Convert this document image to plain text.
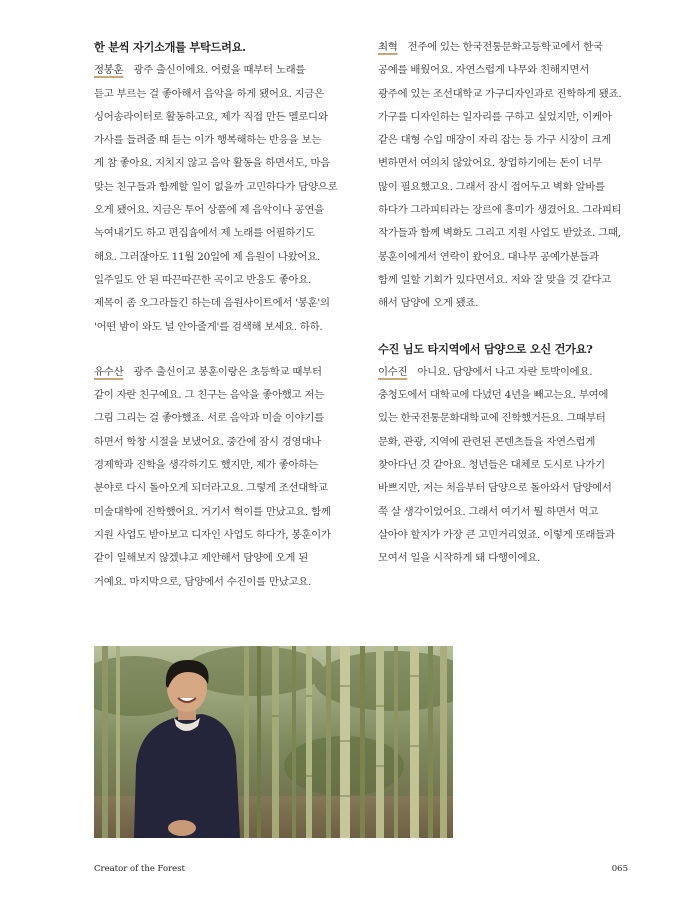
한 분씩 자기소개를 부탁드려요.
정봉훈 광주 출신이에요. 어렸을 때부터 노래를
듣고 부르는 걸 좋아해서 음악을 하게 됐어요. 지금은
싱어송라이터로 활동하고요, 제가 직접 만든 멜로디와
가사를 들려줄 때 듣는 이가 행복해하는 반응을 보는
게 참 좋아요. 지치지 않고 음악 활동을 하면서도, 마음
맞는 친구들과 함께할 일이 없을까 고민하다가 담양으로
오게 됐어요. 지금은 투어 상품에 제 음악이나 공연을
녹여내기도 하고 편집숍에서 제 노래를 어필하기도
해요. 그러잖아도 11월 20일에 제 음원이 나왔어요.
일주일도 안 된 따끈따끈한 곡이고 반응도 좋아요.
제목이 좀 오그라들긴 하는데 음원사이트에서 '봉훈'의
'어떤 밤이 와도 널 안아줄게'를 검색해 보세요. 하하.
유수산 광주 출신이고 봉훈이랑은 초등학교 때부터
같이 자란 친구예요. 그 친구는 음악을 좋아했고 저는
그림 그리는 걸 좋아했죠. 서로 음악과 미술 이야기를
하면서 학창 시절을 보냈어요. 중간에 잠시 경영대나
경제학과 진학을 생각하기도 했지만, 제가 좋아하는
분야로 다시 돌아오게 되더라고요. 그렇게 조선대학교
미술대학에 진학했어요. 거기서 혁이를 만났고요. 함께
지원 사업도 받아보고 디자인 사업도 하다가, 봉훈이가
같이 일해보지 않겠냐고 제안해서 담양에 오게 된
거예요. 마지막으로, 담양에서 수진이를 만났고요.
최혁 전주에 있는 한국전통문화고등학교에서 한국
공예를 배웠어요. 자연스럽게 나무와 친해지면서
광주에 있는 조선대학교 가구디자인과로 진학하게 됐죠.
가구를 디자인하는 일자리를 구하고 싶었지만, 이케아
같은 대형 수입 매장이 자리 잡는 등 가구 시장이 크게
변하면서 여의치 않았어요. 창업하기에는 돈이 너무
많이 필요했고요. 그래서 잠시 접어두고 벽화 알바를
하다가 그라피티라는 장르에 흥미가 생겼어요. 그라피티
작가들과 함께 벽화도 그리고 지원 사업도 받았죠. 그때,
봉훈이에게서 연락이 왔어요. 대나무 공예가분들과
함께 일할 기회가 있다면서요. 저와 잘 맞을 것 같다고
해서 담양에 오게 됐죠.
수진 님도 타지역에서 담양으로 오신 건가요?
이수진 아니요. 담양에서 나고 자란 토박이에요.
충청도에서 대학교에 다녔던 4년을 빼고는요. 부여에
있는 한국전통문화대학교에 진학했거든요. 그때부터
문화, 관광, 지역에 관련된 콘텐츠들을 자연스럽게
찾아다닌 것 같아요. 청년들은 대체로 도시로 나가기
바쁘지만, 저는 처음부터 담양으로 돌아와서 담양에서
쭉 살 생각이었어요. 그래서 여기서 뭘 하면서 먹고
살아야 할지가 가장 큰 고민거리였죠. 이렇게 또래들과
모여서 일을 시작하게 돼 다행이에요.
Creator of the Forest	065
